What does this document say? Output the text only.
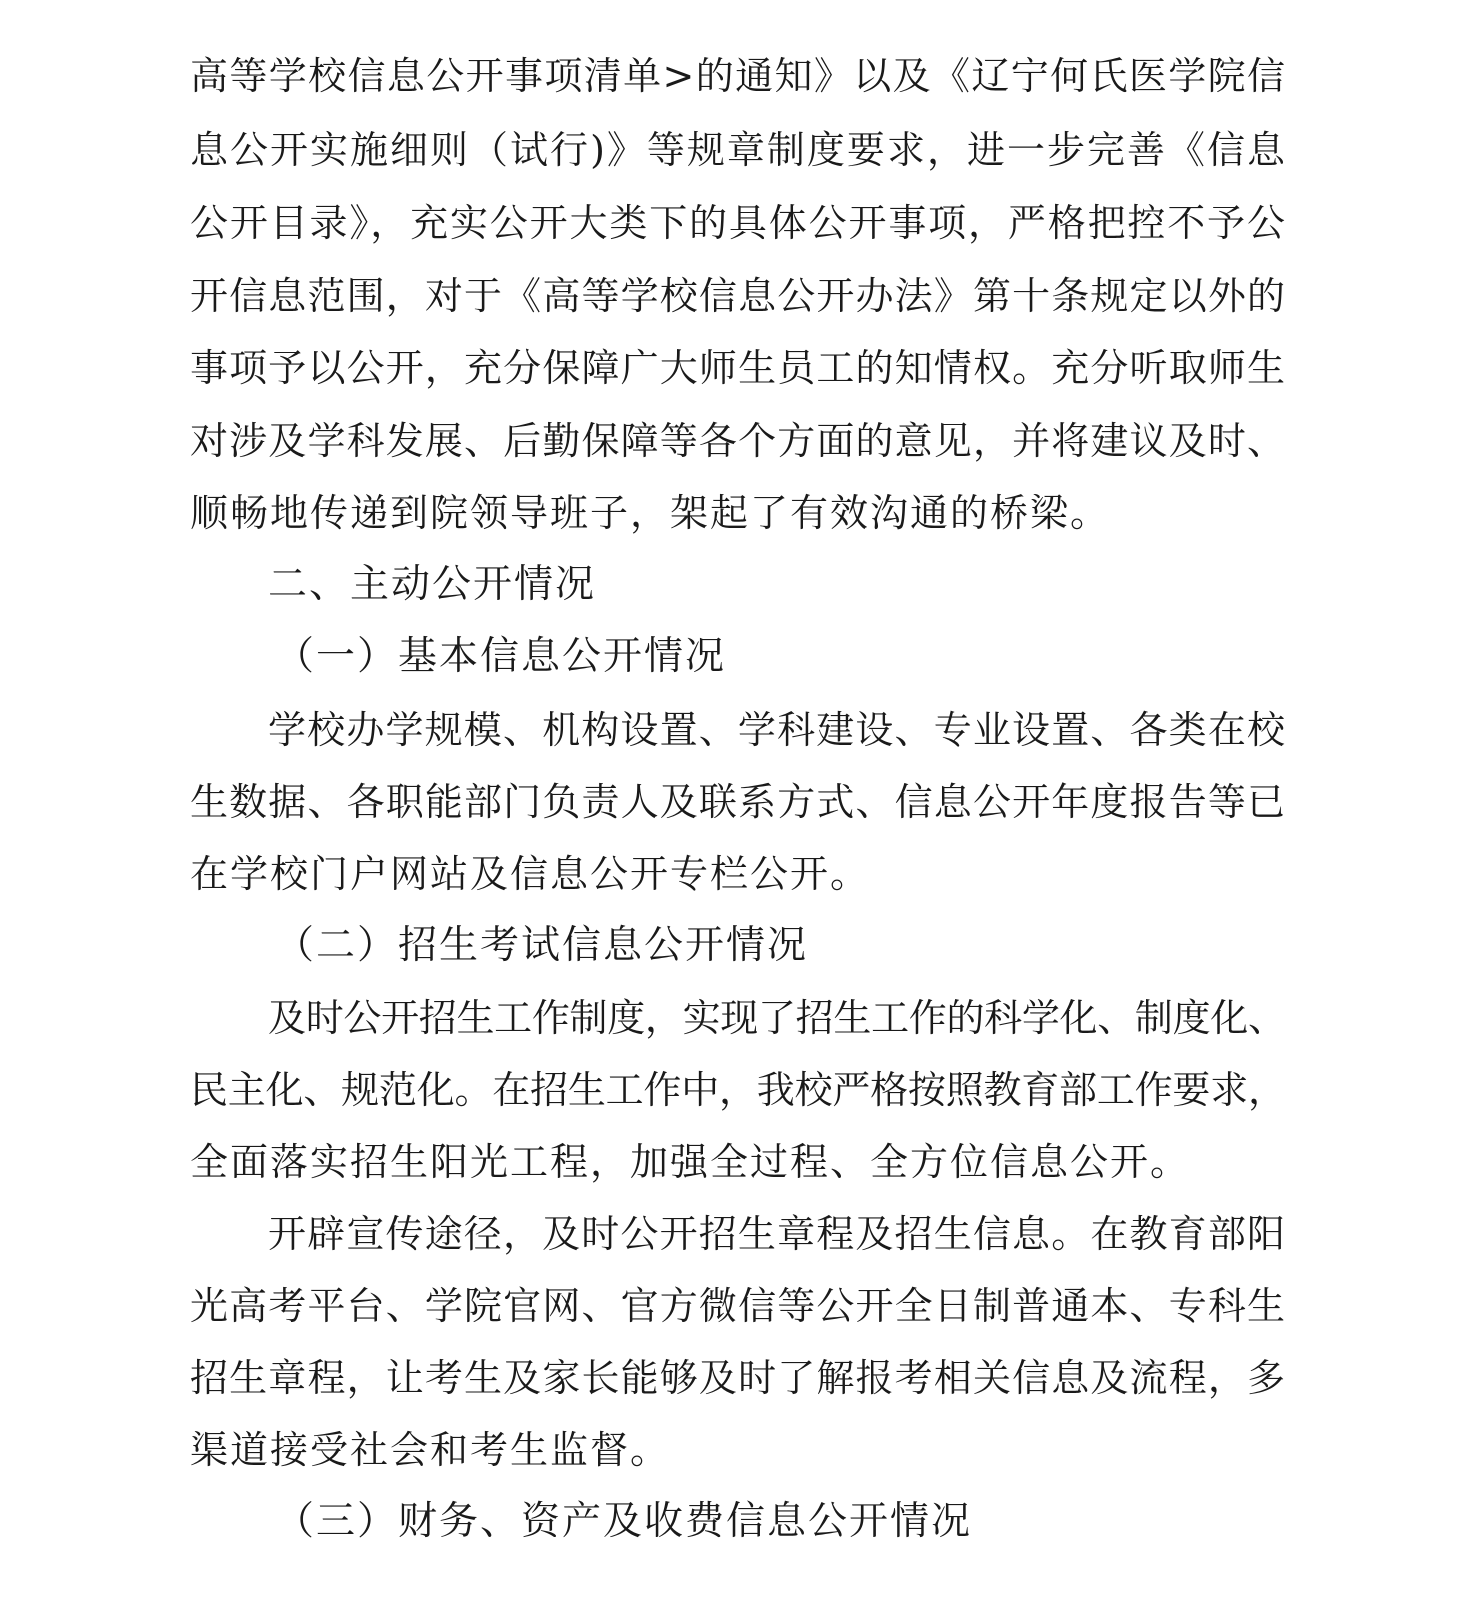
高等学校信息公开事项清单>的通知》以及《辽宁何氏医学院信
息公开实施细则（试行)》等规章制度要求，进一步完善《信息
公开目录》，充实公开大类下的具体公开事项，严格把控不予公
开信息范围，对于《高等学校信息公开办法》第十条规定以外的
事项予以公开，充分保障广大师生员工的知情权。充分听取师生
对涉及学科发展、后勤保障等各个方面的意见，并将建议及时、
顺畅地传递到院领导班子，架起了有效沟通的桥梁。
二、主动公开情况
（一）基本信息公开情况
学校办学规模、机构设置、学科建设、专业设置、各类在校
生数据、各职能部门负责人及联系方式、信息公开年度报告等已
在学校门户网站及信息公开专栏公开。
（二）招生考试信息公开情况
及时公开招生工作制度，实现了招生工作的科学化、制度化、
民主化、规范化。在招生工作中，我校严格按照教育部工作要求，
全面落实招生阳光工程，加强全过程、全方位信息公开。
开辟宣传途径，及时公开招生章程及招生信息。在教育部阳
光高考平台、学院官网、官方微信等公开全日制普通本、专科生
招生章程，让考生及家长能够及时了解报考相关信息及流程，多
渠道接受社会和考生监督。
（三）财务、资产及收费信息公开情况
